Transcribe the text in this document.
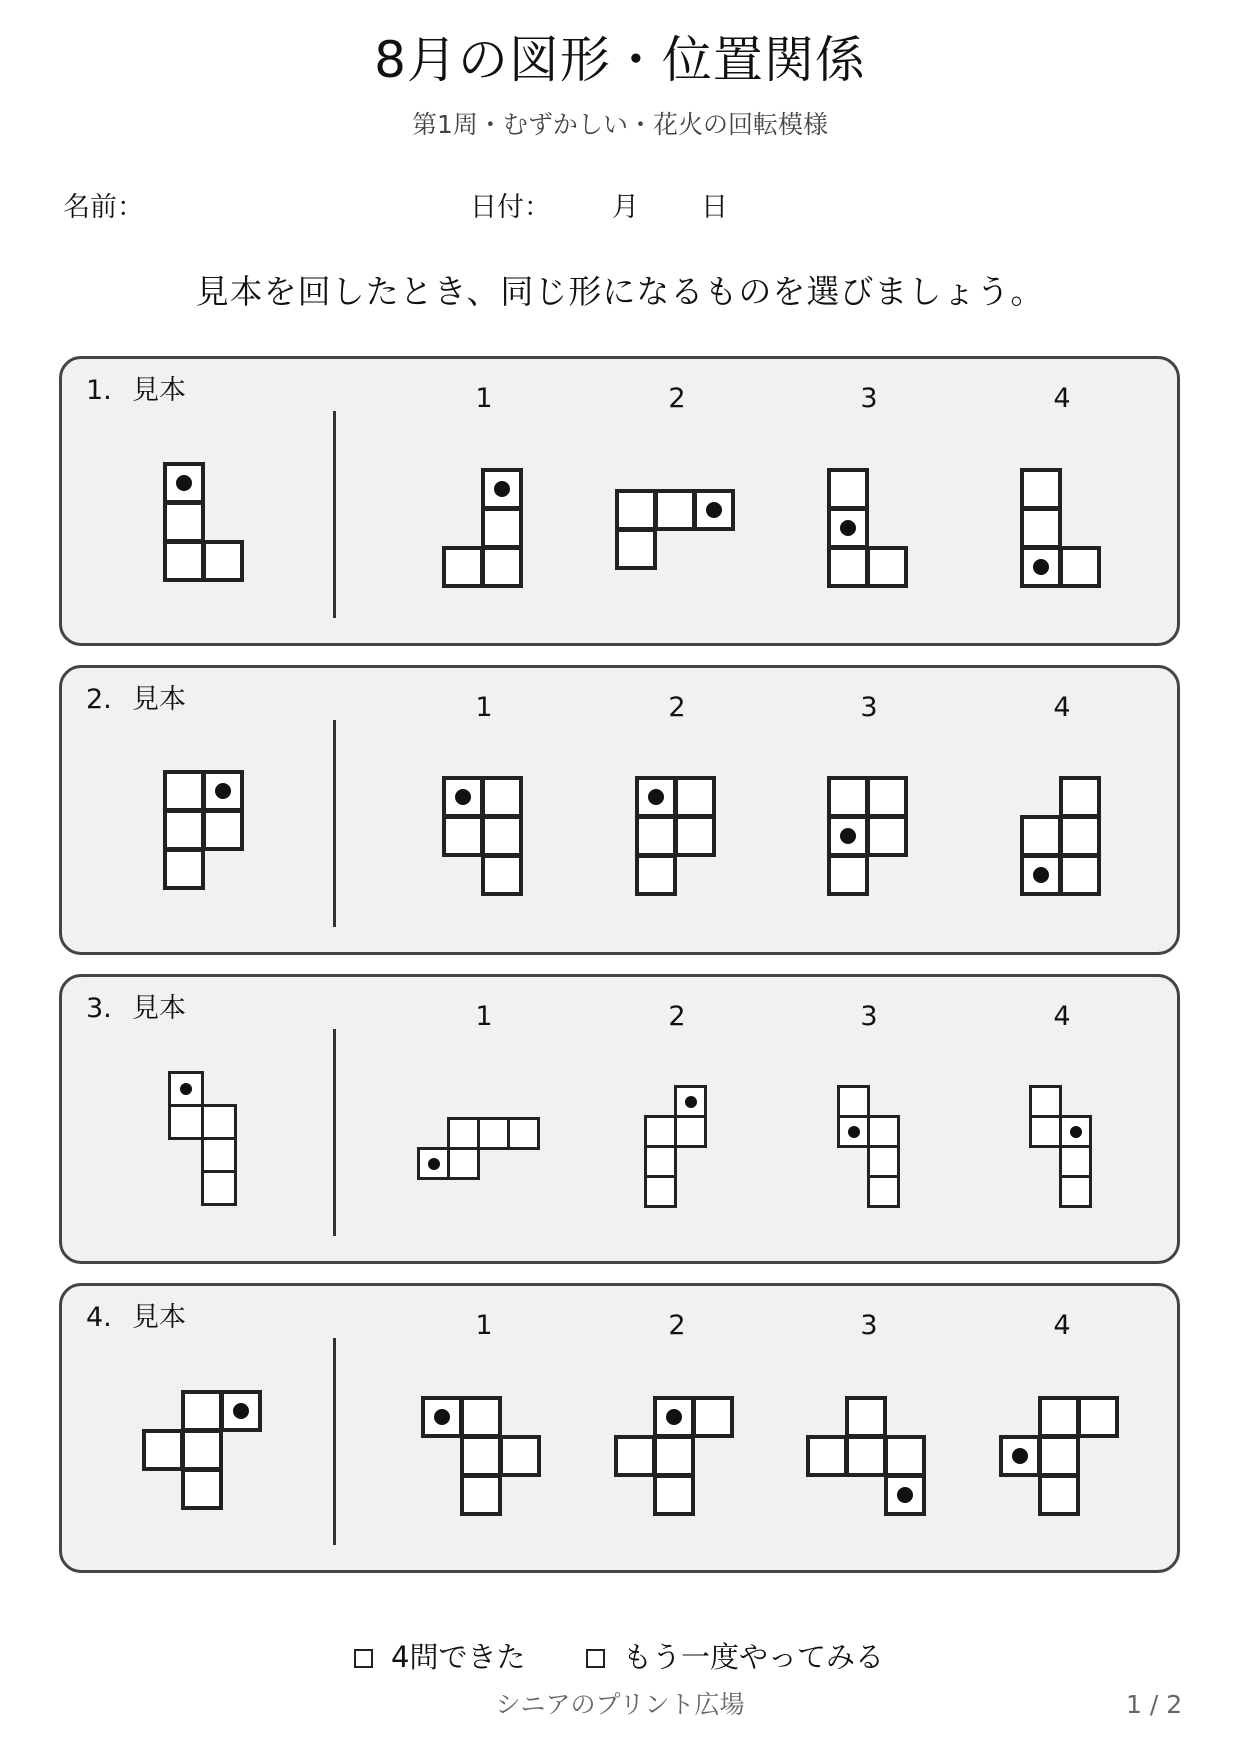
8月の図形・位置関係
第1周・むずかしい・花火の回転模様
名前：	日付： 月 日
見本を回したとき、同じ形になるものを選びましょう。
1. 見本	1	2	3	4
2. 見本	1	2	3	4
3. 見本	1	2	3	4
4. 見本	1	2	3	4
4問できた	もう一度やってみる
シニアのプリント広場	1 / 2
